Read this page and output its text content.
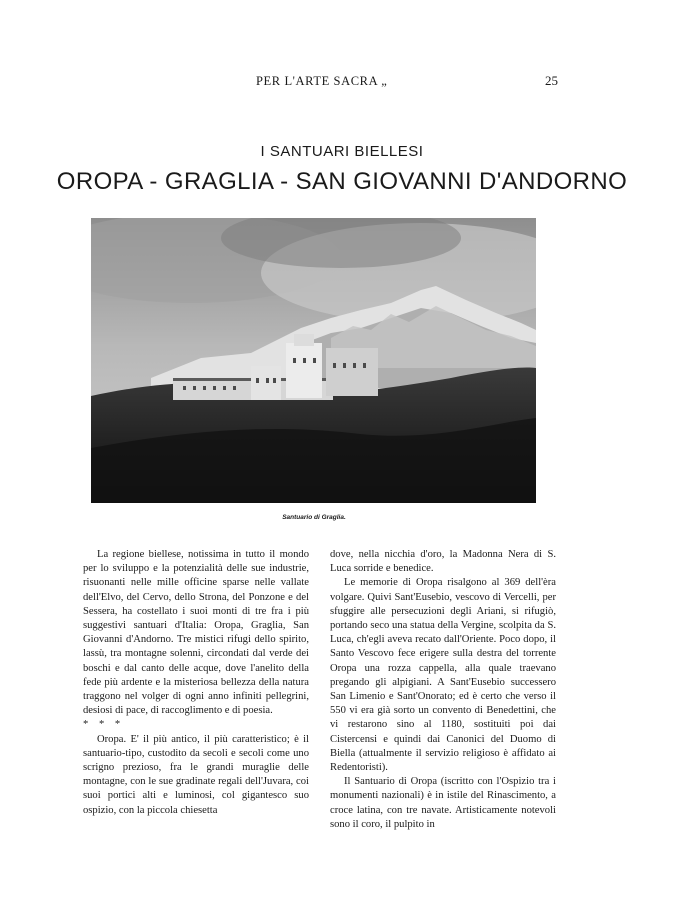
PER L'ARTE SACRA „	25
I SANTUARI BIELLESI
OROPA - GRAGLIA - SAN GIOVANNI D'ANDORNO
Santuario di Graglia.

La regione biellese, notissima in tutto il mondo per lo sviluppo e la potenzialità delle sue industrie, risuonanti nelle mille officine sparse nelle vallate dell'Elvo, del Cervo, dello Strona, del Ponzone e del Sessera, ha costellato i suoi monti di tre fra i più suggestivi santuari d'Italia: Oropa, Graglia, San Giovanni d'Andorno. Tre mistici rifugi dello spirito, lassù, tra montagne solenni, circondati dal verde dei boschi e dal canto delle acque, dove l'anelito della fede più ardente e la misteriosa bellezza della natura traggono nel volger di ogni anno infiniti pellegrini, desiosi di pace, di raccoglimento e di poesia.

* * *

Oropa. E' il più antico, il più caratteristico; è il santuario-tipo, custodito da secoli e secoli come uno scrigno prezioso, fra le grandi muraglie delle montagne, con le sue gradinate regali dell'Juvara, coi suoi portici alti e luminosi, col gigantesco suo ospizio, con la piccola chiesetta

dove, nella nicchia d'oro, la Madonna Nera di S. Luca sorride e benedice.

Le memorie di Oropa risalgono al 369 dell'èra volgare. Quivi Sant'Eusebio, vescovo di Vercelli, per sfuggire alle persecuzioni degli Ariani, si rifugiò, portando seco una statua della Vergine, scolpita da S. Luca, ch'egli aveva recato dall'Oriente. Poco dopo, il Santo Vescovo fece erigere sulla destra del torrente Oropa una rozza cappella, alla quale traevano pregando gli alpigiani. A Sant'Eusebio successero San Limenio e Sant'Onorato; ed è certo che verso il 550 vi era già sorto un convento di Benedettini, che vi restarono sino al 1180, sostituiti poi dai Cistercensi e quindi dai Canonici del Duomo di Biella (attualmente il servizio religioso è affidato ai Redentoristi).

Il Santuario di Oropa (iscritto con l'Ospizio tra i monumenti nazionali) è in istile del Rinascimento, a croce latina, con tre navate. Artisticamente notevoli sono il coro, il pulpito in
